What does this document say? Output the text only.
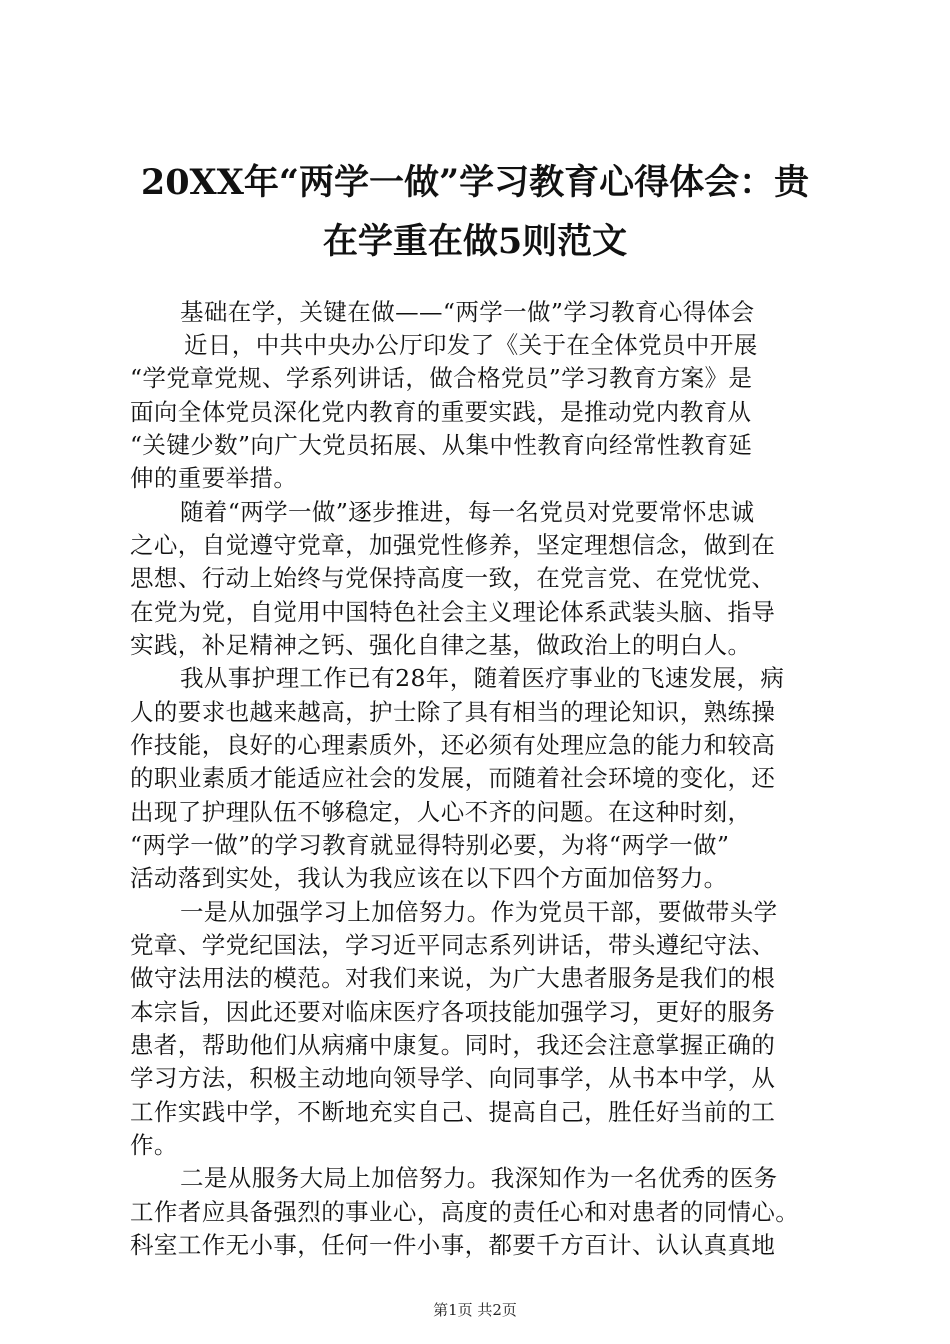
20XX年“两学一做”学习教育心得体会：贵
在学重在做5则范文
基础在学，关键在做——“两学一做”学习教育心得体会
近日，中共中央办公厅印发了《关于在全体党员中开展
“学党章党规、学系列讲话，做合格党员”学习教育方案》是
面向全体党员深化党内教育的重要实践，是推动党内教育从
“关键少数”向广大党员拓展、从集中性教育向经常性教育延
伸的重要举措。
随着“两学一做”逐步推进，每一名党员对党要常怀忠诚
之心，自觉遵守党章，加强党性修养，坚定理想信念，做到在
思想、行动上始终与党保持高度一致，在党言党、在党忧党、
在党为党，自觉用中国特色社会主义理论体系武装头脑、指导
实践，补足精神之钙、强化自律之基，做政治上的明白人。
我从事护理工作已有28年，随着医疗事业的飞速发展，病
人的要求也越来越高，护士除了具有相当的理论知识，熟练操
作技能，良好的心理素质外，还必须有处理应急的能力和较高
的职业素质才能适应社会的发展，而随着社会环境的变化，还
出现了护理队伍不够稳定，人心不齐的问题。在这种时刻，
“两学一做”的学习教育就显得特别必要，为将“两学一做”
活动落到实处，我认为我应该在以下四个方面加倍努力。
一是从加强学习上加倍努力。作为党员干部，要做带头学
党章、学党纪国法，学习近平同志系列讲话，带头遵纪守法、
做守法用法的模范。对我们来说，为广大患者服务是我们的根
本宗旨，因此还要对临床医疗各项技能加强学习，更好的服务
患者，帮助他们从病痛中康复。同时，我还会注意掌握正确的
学习方法，积极主动地向领导学、向同事学，从书本中学，从
工作实践中学，不断地充实自己、提高自己，胜任好当前的工
作。
二是从服务大局上加倍努力。我深知作为一名优秀的医务
工作者应具备强烈的事业心，高度的责任心和对患者的同情心。
第1页 共2页
科室工作无小事，任何一件小事，都要千方百计、认认真真地
